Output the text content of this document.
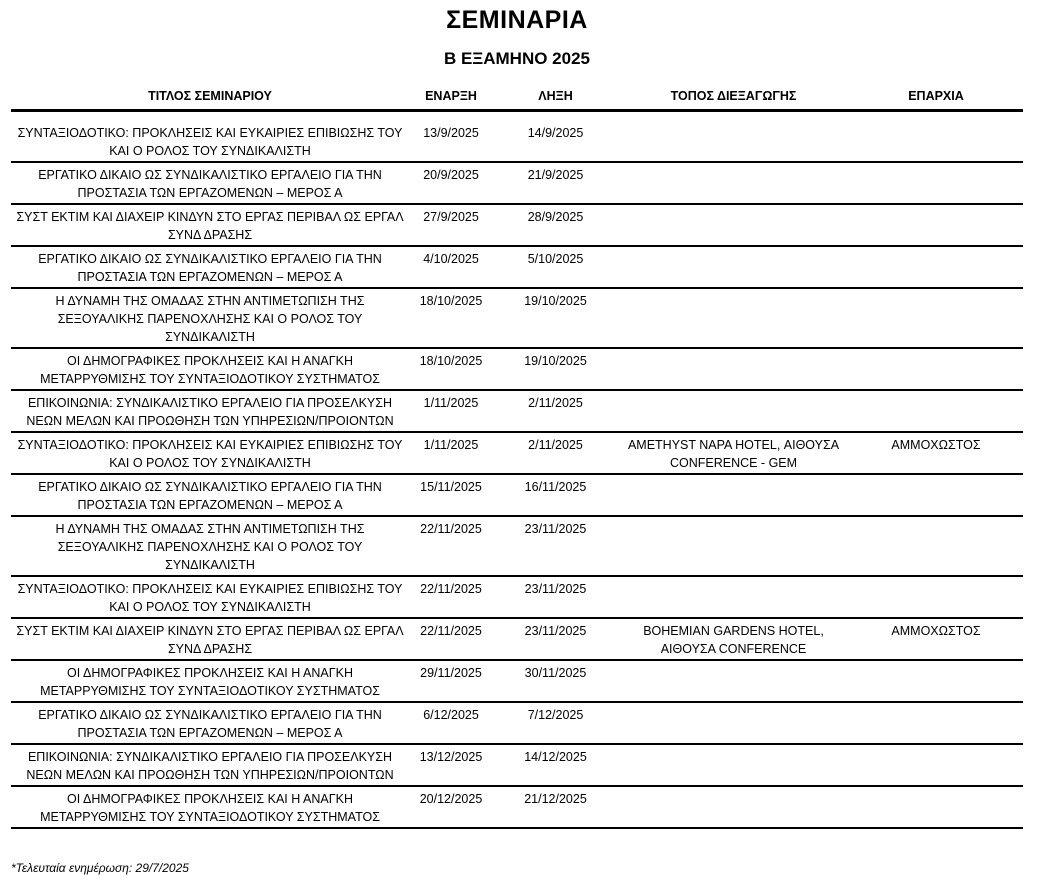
ΣΕΜΙΝΑΡΙΑ
Β ΕΞΑΜΗΝΟ 2025
ΤΙΤΛΟΣ ΣΕΜΙΝΑΡΙΟΥ	ΕΝΑΡΞΗ	ΛΗΞΗ	ΤΟΠΟΣ ΔΙΕΞΑΓΩΓΗΣ	ΕΠΑΡΧΙΑ
ΣΥΝΤΑΞΙΟΔΟΤΙΚΟ: ΠΡΟΚΛΗΣΕΙΣ ΚΑΙ ΕΥΚΑΙΡΙΕΣ ΕΠΙΒΙΩΣΗΣ ΤΟΥ ΚΑΙ Ο ΡΟΛΟΣ ΤΟΥ ΣΥΝΔΙΚΑΛΙΣΤΗ	13/9/2025	14/9/2025		
ΕΡΓΑΤΙΚΟ ΔΙΚΑΙΟ ΩΣ ΣΥΝΔΙΚΑΛΙΣΤΙΚΟ ΕΡΓΑΛΕΙΟ ΓΙΑ ΤΗΝ ΠΡΟΣΤΑΣΙΑ ΤΩΝ ΕΡΓΑΖΟΜΕΝΩΝ – ΜΕΡΟΣ Α	20/9/2025	21/9/2025		
ΣΥΣΤ ΕΚΤΙΜ ΚΑΙ ΔΙΑΧΕΙΡ ΚΙΝΔΥΝ ΣΤΟ ΕΡΓΑΣ ΠΕΡΙΒΑΛ ΩΣ ΕΡΓΑΛ ΣΥΝΔ ΔΡΑΣΗΣ	27/9/2025	28/9/2025		
ΕΡΓΑΤΙΚΟ ΔΙΚΑΙΟ ΩΣ ΣΥΝΔΙΚΑΛΙΣΤΙΚΟ ΕΡΓΑΛΕΙΟ ΓΙΑ ΤΗΝ ΠΡΟΣΤΑΣΙΑ ΤΩΝ ΕΡΓΑΖΟΜΕΝΩΝ – ΜΕΡΟΣ Α	4/10/2025	5/10/2025		
Η ΔΥΝΑΜΗ ΤΗΣ ΟΜΑΔΑΣ ΣΤΗΝ ΑΝΤΙΜΕΤΩΠΙΣΗ ΤΗΣ ΣΕΞΟΥΑΛΙΚΗΣ ΠΑΡΕΝΟΧΛΗΣΗΣ ΚΑΙ Ο ΡΟΛΟΣ ΤΟΥ ΣΥΝΔΙΚΑΛΙΣΤΗ	18/10/2025	19/10/2025		
ΟΙ ΔΗΜΟΓΡΑΦΙΚΕΣ ΠΡΟΚΛΗΣΕΙΣ ΚΑΙ Η ΑΝΑΓΚΗ ΜΕΤΑΡΡΥΘΜΙΣΗΣ ΤΟΥ ΣΥΝΤΑΞΙΟΔΟΤΙΚΟΥ ΣΥΣΤΗΜΑΤΟΣ	18/10/2025	19/10/2025		
ΕΠΙΚΟΙΝΩΝΙΑ: ΣΥΝΔΙΚΑΛΙΣΤΙΚΟ ΕΡΓΑΛΕΙΟ ΓΙΑ ΠΡΟΣΕΛΚΥΣΗ ΝΕΩΝ ΜΕΛΩΝ ΚΑΙ ΠΡΟΩΘΗΣΗ ΤΩΝ ΥΠΗΡΕΣΙΩΝ/ΠΡΟΙΟΝΤΩΝ	1/11/2025	2/11/2025		
ΣΥΝΤΑΞΙΟΔΟΤΙΚΟ: ΠΡΟΚΛΗΣΕΙΣ ΚΑΙ ΕΥΚΑΙΡΙΕΣ ΕΠΙΒΙΩΣΗΣ ΤΟΥ ΚΑΙ Ο ΡΟΛΟΣ ΤΟΥ ΣΥΝΔΙΚΑΛΙΣΤΗ	1/11/2025	2/11/2025	AMETHYST NAPA HOTEL, ΑΙΘΟΥΣΑ CONFERENCE - GEM	ΑΜΜΟΧΩΣΤΟΣ
ΕΡΓΑΤΙΚΟ ΔΙΚΑΙΟ ΩΣ ΣΥΝΔΙΚΑΛΙΣΤΙΚΟ ΕΡΓΑΛΕΙΟ ΓΙΑ ΤΗΝ ΠΡΟΣΤΑΣΙΑ ΤΩΝ ΕΡΓΑΖΟΜΕΝΩΝ – ΜΕΡΟΣ Α	15/11/2025	16/11/2025		
Η ΔΥΝΑΜΗ ΤΗΣ ΟΜΑΔΑΣ ΣΤΗΝ ΑΝΤΙΜΕΤΩΠΙΣΗ ΤΗΣ ΣΕΞΟΥΑΛΙΚΗΣ ΠΑΡΕΝΟΧΛΗΣΗΣ ΚΑΙ Ο ΡΟΛΟΣ ΤΟΥ ΣΥΝΔΙΚΑΛΙΣΤΗ	22/11/2025	23/11/2025		
ΣΥΝΤΑΞΙΟΔΟΤΙΚΟ: ΠΡΟΚΛΗΣΕΙΣ ΚΑΙ ΕΥΚΑΙΡΙΕΣ ΕΠΙΒΙΩΣΗΣ ΤΟΥ ΚΑΙ Ο ΡΟΛΟΣ ΤΟΥ ΣΥΝΔΙΚΑΛΙΣΤΗ	22/11/2025	23/11/2025		
ΣΥΣΤ ΕΚΤΙΜ ΚΑΙ ΔΙΑΧΕΙΡ ΚΙΝΔΥΝ ΣΤΟ ΕΡΓΑΣ ΠΕΡΙΒΑΛ ΩΣ ΕΡΓΑΛ ΣΥΝΔ ΔΡΑΣΗΣ	22/11/2025	23/11/2025	BOHEMIAN GARDENS HOTEL, ΑΙΘΟΥΣΑ CONFERENCE	ΑΜΜΟΧΩΣΤΟΣ
ΟΙ ΔΗΜΟΓΡΑΦΙΚΕΣ ΠΡΟΚΛΗΣΕΙΣ ΚΑΙ Η ΑΝΑΓΚΗ ΜΕΤΑΡΡΥΘΜΙΣΗΣ ΤΟΥ ΣΥΝΤΑΞΙΟΔΟΤΙΚΟΥ ΣΥΣΤΗΜΑΤΟΣ	29/11/2025	30/11/2025		
ΕΡΓΑΤΙΚΟ ΔΙΚΑΙΟ ΩΣ ΣΥΝΔΙΚΑΛΙΣΤΙΚΟ ΕΡΓΑΛΕΙΟ ΓΙΑ ΤΗΝ ΠΡΟΣΤΑΣΙΑ ΤΩΝ ΕΡΓΑΖΟΜΕΝΩΝ – ΜΕΡΟΣ Α	6/12/2025	7/12/2025		
ΕΠΙΚΟΙΝΩΝΙΑ: ΣΥΝΔΙΚΑΛΙΣΤΙΚΟ ΕΡΓΑΛΕΙΟ ΓΙΑ ΠΡΟΣΕΛΚΥΣΗ ΝΕΩΝ ΜΕΛΩΝ ΚΑΙ ΠΡΟΩΘΗΣΗ ΤΩΝ ΥΠΗΡΕΣΙΩΝ/ΠΡΟΙΟΝΤΩΝ	13/12/2025	14/12/2025		
ΟΙ ΔΗΜΟΓΡΑΦΙΚΕΣ ΠΡΟΚΛΗΣΕΙΣ ΚΑΙ Η ΑΝΑΓΚΗ ΜΕΤΑΡΡΥΘΜΙΣΗΣ ΤΟΥ ΣΥΝΤΑΞΙΟΔΟΤΙΚΟΥ ΣΥΣΤΗΜΑΤΟΣ	20/12/2025	21/12/2025		
*Τελευταία ενημέρωση: 29/7/2025
